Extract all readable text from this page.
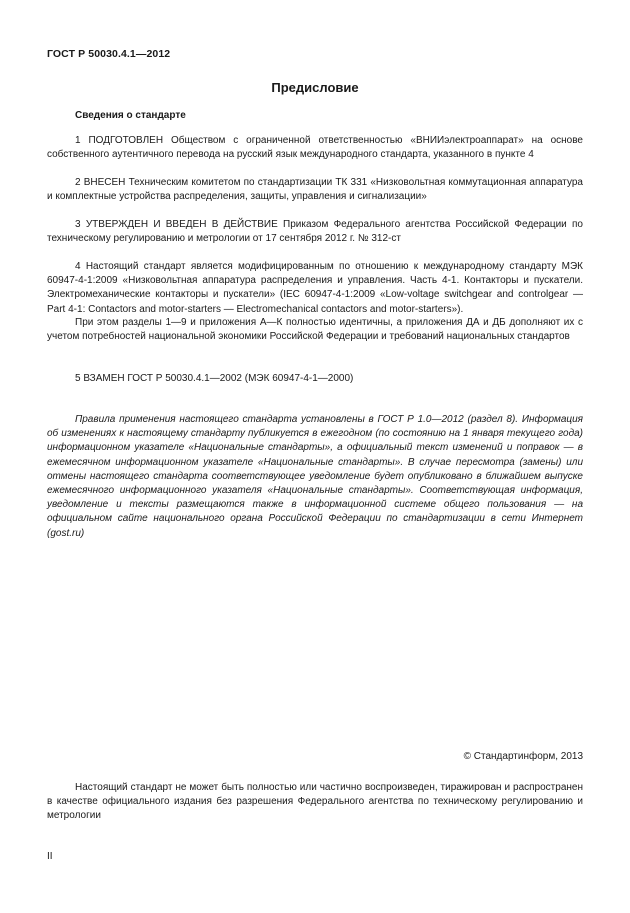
ГОСТ Р 50030.4.1—2012
Предисловие
Сведения о стандарте

1 ПОДГОТОВЛЕН Обществом с ограниченной ответственностью «ВНИИэлектроаппарат» на основе собственного аутентичного перевода на русский язык международного стандарта, указанного в пункте 4

2 ВНЕСЕН Техническим комитетом по стандартизации ТК 331 «Низковольтная коммутационная аппаратура и комплектные устройства распределения, защиты, управления и сигнализации»

3 УТВЕРЖДЕН И ВВЕДЕН В ДЕЙСТВИЕ Приказом Федерального агентства Российской Федерации по техническому регулированию и метрологии от 17 сентября 2012 г. № 312-ст

4 Настоящий стандарт является модифицированным по отношению к международному стандарту МЭК 60947-4-1:2009 «Низковольтная аппаратура распределения и управления. Часть 4-1. Контакторы и пускатели. Электромеханические контакторы и пускатели» (IEC 60947-4-1:2009 «Low-voltage switchgear and controlgear — Part 4-1: Contactors and motor-starters — Electromechanical contactors and motor-starters»).

При этом разделы 1—9 и приложения А—К полностью идентичны, а приложения ДА и ДБ дополняют их с учетом потребностей национальной экономики Российской Федерации и требований национальных стандартов

5 ВЗАМЕН ГОСТ Р 50030.4.1—2002 (МЭК 60947-4-1—2000)

Правила применения настоящего стандарта установлены в ГОСТ Р 1.0—2012 (раздел 8). Информация об изменениях к настоящему стандарту публикуется в ежегодном (по состоянию на 1 января текущего года) информационном указателе «Национальные стандарты», а официальный текст изменений и поправок — в ежемесячном информационном указателе «Национальные стандарты». В случае пересмотра (замены) или отмены настоящего стандарта соответствующее уведомление будет опубликовано в ближайшем выпуске ежемесячного информационного указателя «Национальные стандарты». Соответствующая информация, уведомление и тексты размещаются также в информационной системе общего пользования — на официальном сайте национального органа Российской Федерации по стандартизации в сети Интернет (gost.ru)

© Стандартинформ, 2013

Настоящий стандарт не может быть полностью или частично воспроизведен, тиражирован и распространен в качестве официального издания без разрешения Федерального агентства по техническому регулированию и метрологии

II
